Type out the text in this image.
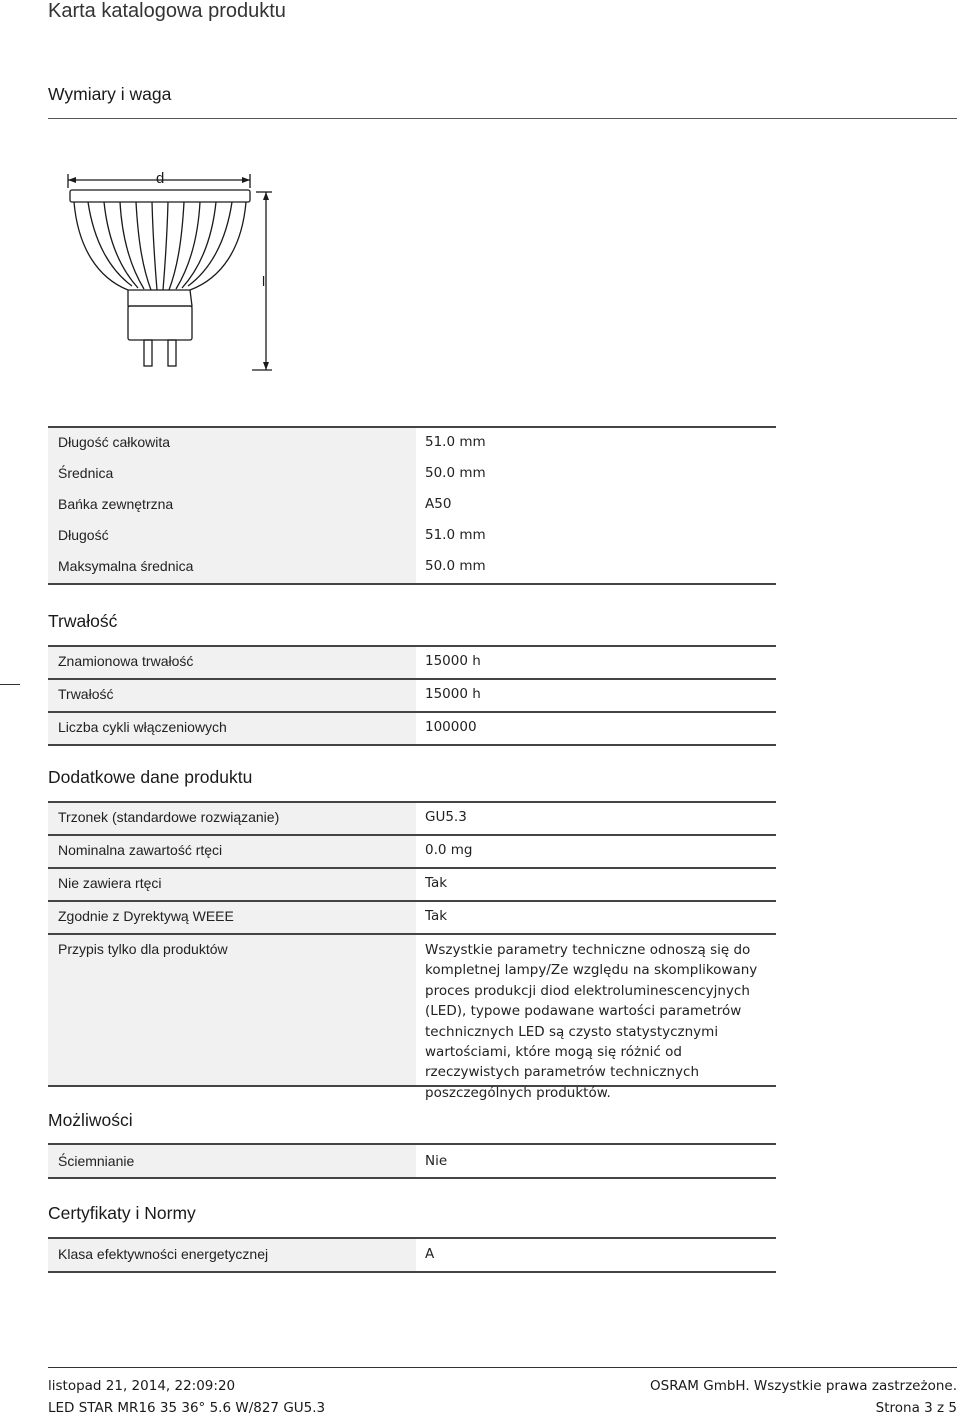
Karta katalogowa produktu
Wymiary i waga
d
l
Długość całkowita	51.0 mm
Średnica	50.0 mm
Bańka zewnętrzna	A50
Długość	51.0 mm
Maksymalna średnica	50.0 mm
Trwałość
Znamionowa trwałość	15000 h
Trwałość	15000 h
Liczba cykli włączeniowych	100000
Dodatkowe dane produktu
Trzonek (standardowe rozwiązanie)	GU5.3
Nominalna zawartość rtęci	0.0 mg
Nie zawiera rtęci	Tak
Zgodnie z Dyrektywą WEEE	Tak
Przypis tylko dla produktów	Wszystkie parametry techniczne odnoszą się do kompletnej lampy/Ze względu na skomplikowany proces produkcji diod elektroluminescencyjnych (LED), typowe podawane wartości parametrów technicznych LED są czysto statystycznymi wartościami, które mogą się różnić od rzeczywistych parametrów technicznych poszczególnych produktów.
Możliwości
Ściemnianie	Nie
Certyfikaty i Normy
Klasa efektywności energetycznej	A
listopad 21, 2014, 22:09:20
LED STAR MR16 35 36° 5.6 W/827 GU5.3
OSRAM GmbH. Wszystkie prawa zastrzeżone.
Strona 3 z 5
